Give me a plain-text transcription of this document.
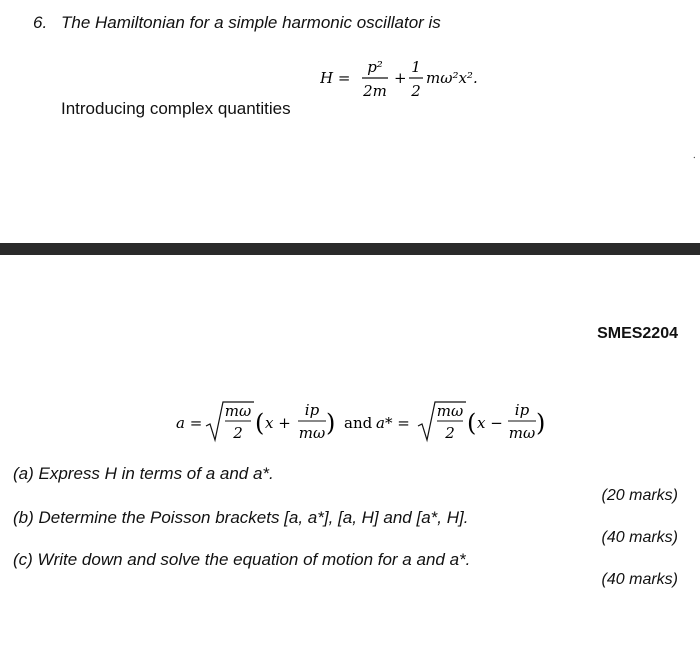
6. The Hamiltonian for a simple harmonic oscillator is
H =
p²
2m
+
1
2
mω²x².
Introducing complex quantities
⸱
SMES2204
a =
mω
2 ( x +
ip
mω ) and a* =
mω
2 ( x −
ip
mω )
(a) Express H in terms of a and a*.
(20 marks)
(b) Determine the Poisson brackets [a, a*], [a, H] and [a*, H].
(40 marks)
(c) Write down and solve the equation of motion for a and a*.
(40 marks)
